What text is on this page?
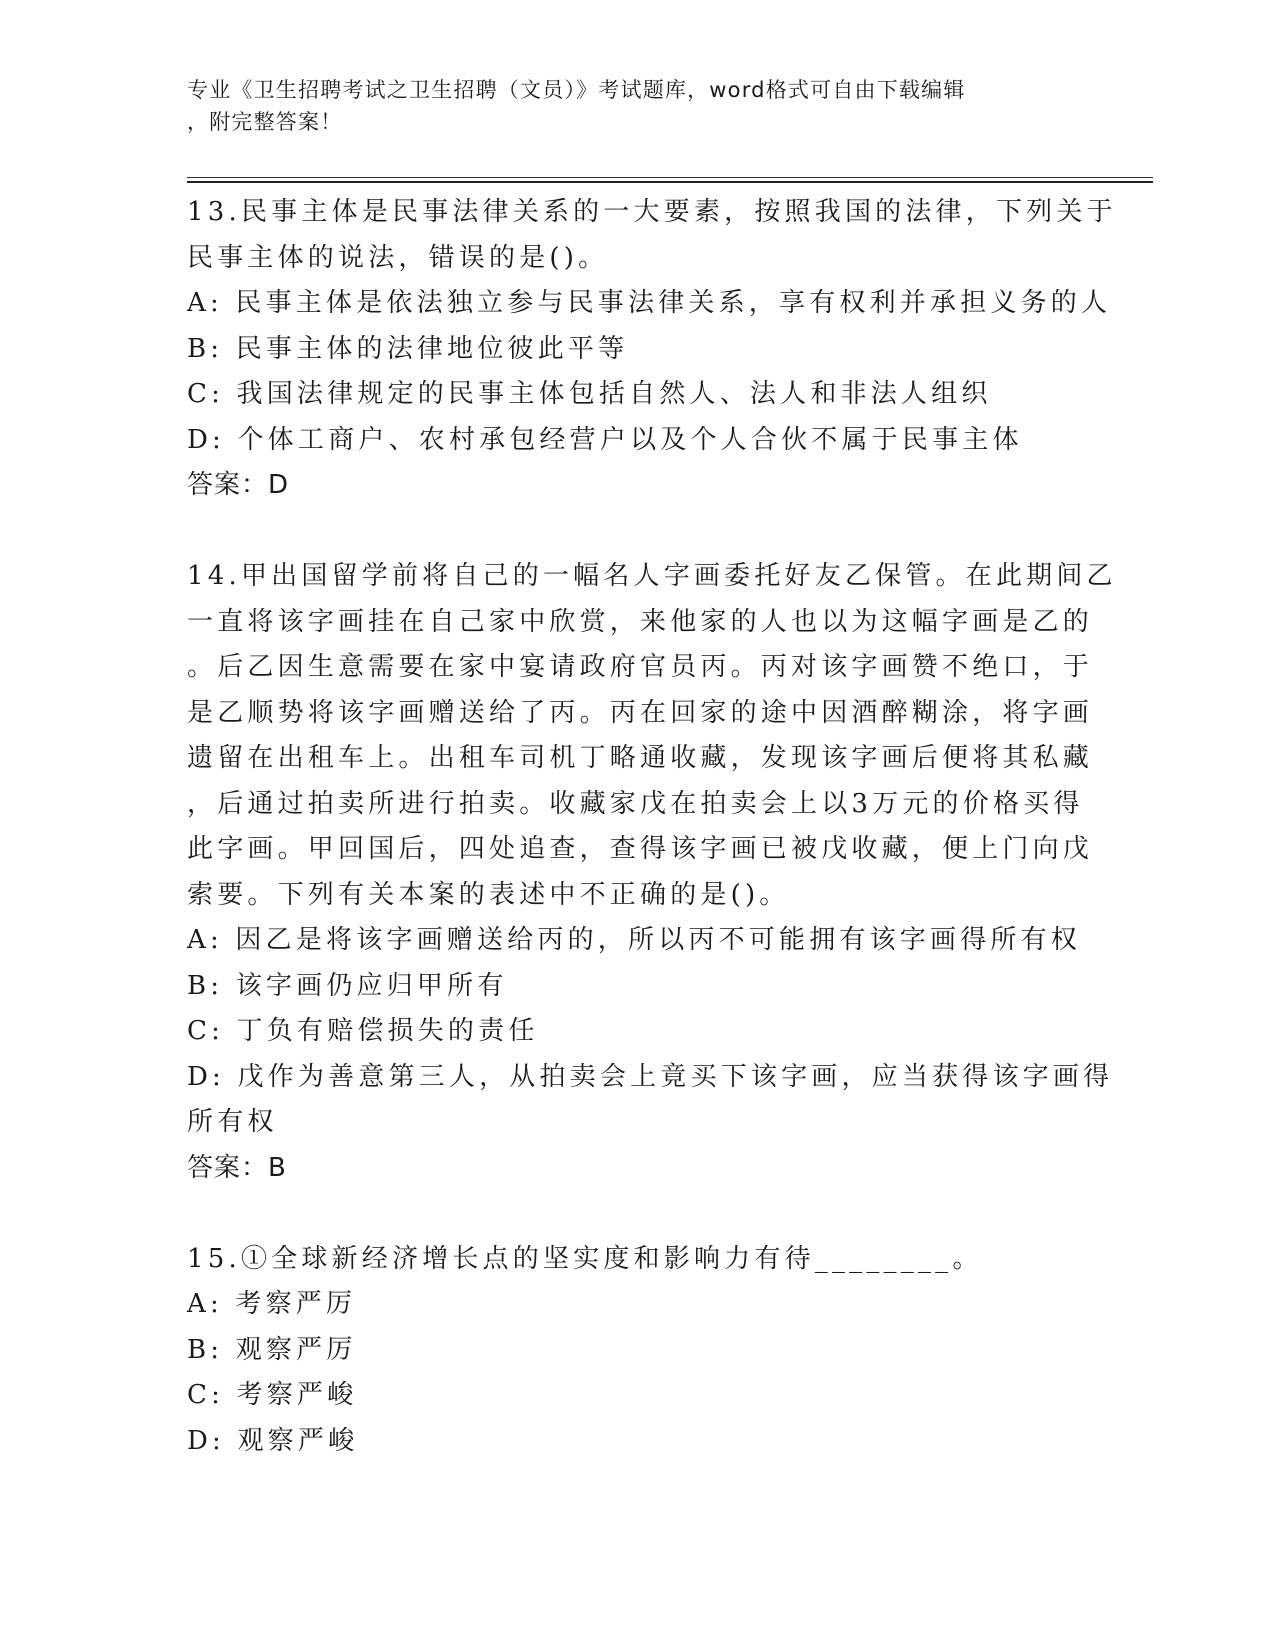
专业《卫生招聘考试之卫生招聘（文员）》考试题库，word格式可自由下载编辑
，附完整答案！
13.民事主体是民事法律关系的一大要素，按照我国的法律，下列关于
民事主体的说法，错误的是()。
A: 民事主体是依法独立参与民事法律关系，享有权利并承担义务的人
B: 民事主体的法律地位彼此平等
C: 我国法律规定的民事主体包括自然人、法人和非法人组织
D: 个体工商户、农村承包经营户以及个人合伙不属于民事主体
答案：D
14.甲出国留学前将自己的一幅名人字画委托好友乙保管。在此期间乙
一直将该字画挂在自己家中欣赏，来他家的人也以为这幅字画是乙的
。后乙因生意需要在家中宴请政府官员丙。丙对该字画赞不绝口，于
是乙顺势将该字画赠送给了丙。丙在回家的途中因酒醉糊涂，将字画
遗留在出租车上。出租车司机丁略通收藏，发现该字画后便将其私藏
，后通过拍卖所进行拍卖。收藏家戊在拍卖会上以3万元的价格买得
此字画。甲回国后，四处追查，查得该字画已被戊收藏，便上门向戊
索要。下列有关本案的表述中不正确的是()。
A: 因乙是将该字画赠送给丙的，所以丙不可能拥有该字画得所有权
B: 该字画仍应归甲所有
C: 丁负有赔偿损失的责任
D: 戊作为善意第三人，从拍卖会上竟买下该字画，应当获得该字画得
所有权
答案：B
15.①全球新经济增长点的坚实度和影响力有待________。
A: 考察严厉
B: 观察严厉
C: 考察严峻
D: 观察严峻
